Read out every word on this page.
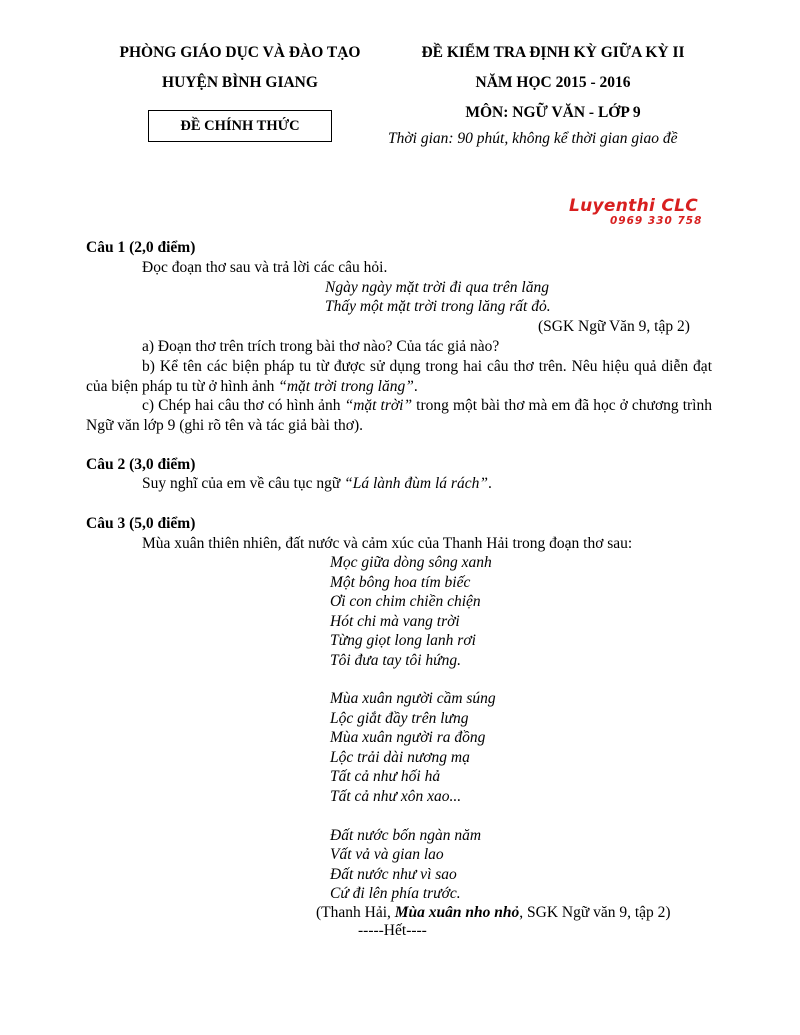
PHÒNG GIÁO DỤC VÀ ĐÀO TẠO
HUYỆN BÌNH GIANG
ĐỀ CHÍNH THỨC
ĐỀ KIỂM TRA ĐỊNH KỲ GIỮA KỲ II
NĂM HỌC 2015 - 2016
MÔN: NGỮ VĂN - LỚP 9
Thời gian: 90 phút, không kể thời gian giao đề
Luyenthi CLC
0969 330 758
Câu 1 (2,0 điểm)
Đọc đoạn thơ sau và trả lời các câu hỏi.
Ngày ngày mặt trời đi qua trên lăng
Thấy một mặt trời trong lăng rất đỏ.
(SGK Ngữ Văn 9, tập 2)
a) Đoạn thơ trên trích trong bài thơ nào? Của tác giả nào?
b) Kể tên các biện pháp tu từ được sử dụng trong hai câu thơ trên. Nêu hiệu quả diễn đạt của biện pháp tu từ ở hình ảnh “mặt trời trong lăng”.
c) Chép hai câu thơ có hình ảnh “mặt trời” trong một bài thơ mà em đã học ở chương trình Ngữ văn lớp 9 (ghi rõ tên và tác giả bài thơ).
Câu 2 (3,0 điểm)
Suy nghĩ của em về câu tục ngữ “Lá lành đùm lá rách”.
Câu 3 (5,0 điểm)
Mùa xuân thiên nhiên, đất nước và cảm xúc của Thanh Hải trong đoạn thơ sau:
Mọc giữa dòng sông xanh
Một bông hoa tím biếc
Ơi con chim chiền chiện
Hót chi mà vang trời
Từng giọt long lanh rơi
Tôi đưa tay tôi hứng.
Mùa xuân người cầm súng
Lộc giắt đầy trên lưng
Mùa xuân người ra đồng
Lộc trải dài nương mạ
Tất cả như hối hả
Tất cả như xôn xao...
Đất nước bốn ngàn năm
Vất vả và gian lao
Đất nước như vì sao
Cứ đi lên phía trước.
(Thanh Hải, Mùa xuân nho nhỏ, SGK Ngữ văn 9, tập 2)
-----Hết----
